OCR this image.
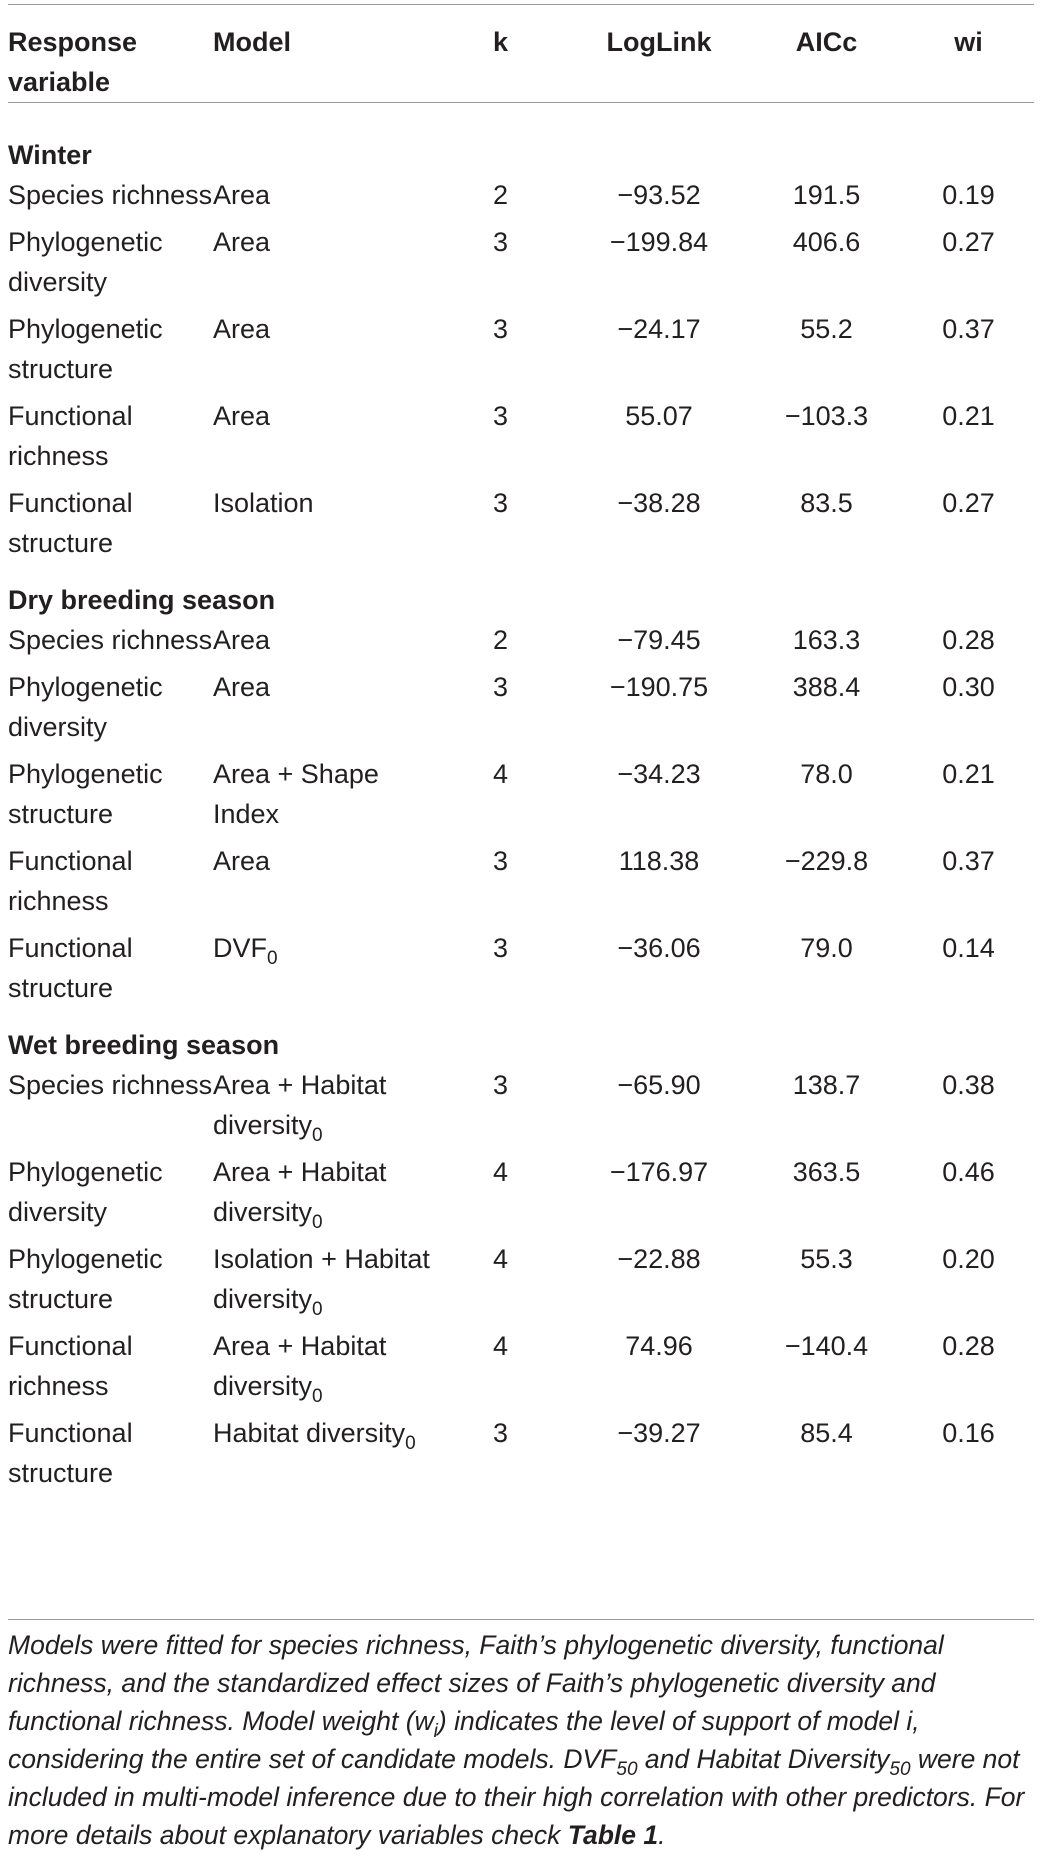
Response variable	Model	k	LogLink	AICc	wi
Winter					
Species richness	Area	2	−93.52	191.5	0.19
Phylogenetic diversity	Area	3	−199.84	406.6	0.27
Phylogenetic structure	Area	3	−24.17	55.2	0.37
Functional richness	Area	3	55.07	−103.3	0.21
Functional structure	Isolation	3	−38.28	83.5	0.27
Dry breeding season					
Species richness	Area	2	−79.45	163.3	0.28
Phylogenetic diversity	Area	3	−190.75	388.4	0.30
Phylogenetic structure	Area + Shape Index	4	−34.23	78.0	0.21
Functional richness	Area	3	118.38	−229.8	0.37
Functional structure	$DVF_0$	3	−36.06	79.0	0.14
Wet breeding season					
Species richness	Area + Habitat diversity$_0$	3	−65.90	138.7	0.38
Phylogenetic diversity	Area + Habitat diversity$_0$	4	−176.97	363.5	0.46
Phylogenetic structure	Isolation + Habitat diversity$_0$	4	−22.88	55.3	0.20
Functional richness	Area + Habitat diversity$_0$	4	74.96	−140.4	0.28
Functional structure	Habitat diversity$_0$	3	−39.27	85.4	0.16
Models were fitted for species richness, Faith’s phylogenetic diversity, functional richness, and the standardized effect sizes of Faith’s phylogenetic diversity and functional richness. Model weight $(w_i)$ indicates the level of support of model i, considering the entire set of candidate models. $DVF_{50}$ and Habitat Diversity$_{50}$ were not included in multi-model inference due to their high correlation with other predictors. For more details about explanatory variables check Table 1.
